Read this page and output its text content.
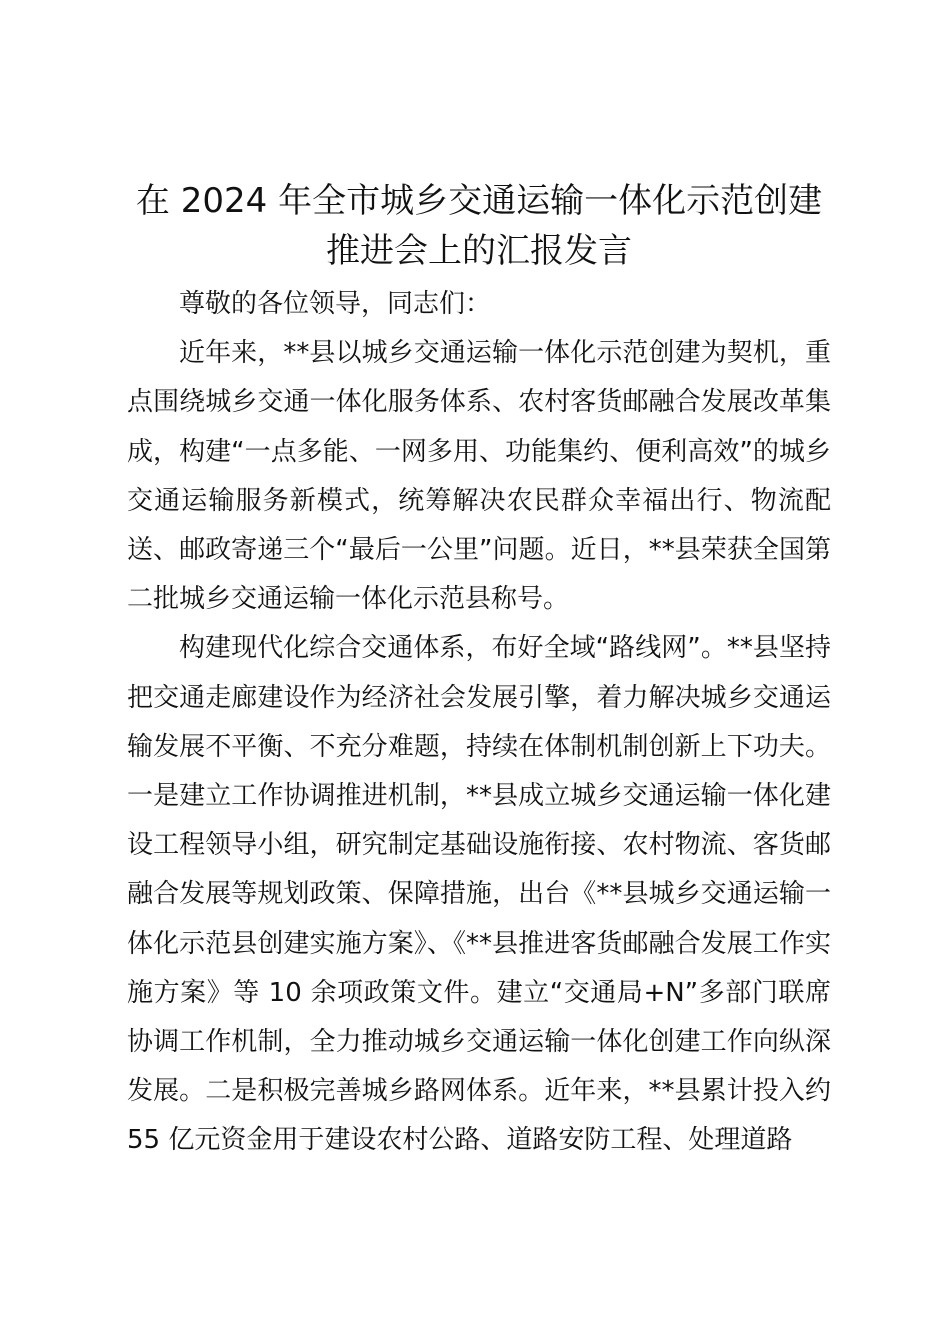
在 2024 年全市城乡交通运输一体化示范创建
推进会上的汇报发言

尊敬的各位领导，同志们：

近年来，**县以城乡交通运输一体化示范创建为契机，重点围绕城乡交通一体化服务体系、农村客货邮融合发展改革集成，构建“一点多能、一网多用、功能集约、便利高效”的城乡交通运输服务新模式，统筹解决农民群众幸福出行、物流配送、邮政寄递三个“最后一公里”问题。近日，**县荣获全国第二批城乡交通运输一体化示范县称号。

构建现代化综合交通体系，布好全域“路线网”。**县坚持把交通走廊建设作为经济社会发展引擎，着力解决城乡交通运输发展不平衡、不充分难题，持续在体制机制创新上下功夫。一是建立工作协调推进机制，**县成立城乡交通运输一体化建设工程领导小组，研究制定基础设施衔接、农村物流、客货邮融合发展等规划政策、保障措施，出台《**县城乡交通运输一体化示范县创建实施方案》、《**县推进客货邮融合发展工作实施方案》等 10 余项政策文件。建立“交通局+N”多部门联席协调工作机制，全力推动城乡交通运输一体化创建工作向纵深发展。二是积极完善城乡路网体系。近年来，**县累计投入约 55 亿元资金用于建设农村公路、道路安防工程、处理道路
